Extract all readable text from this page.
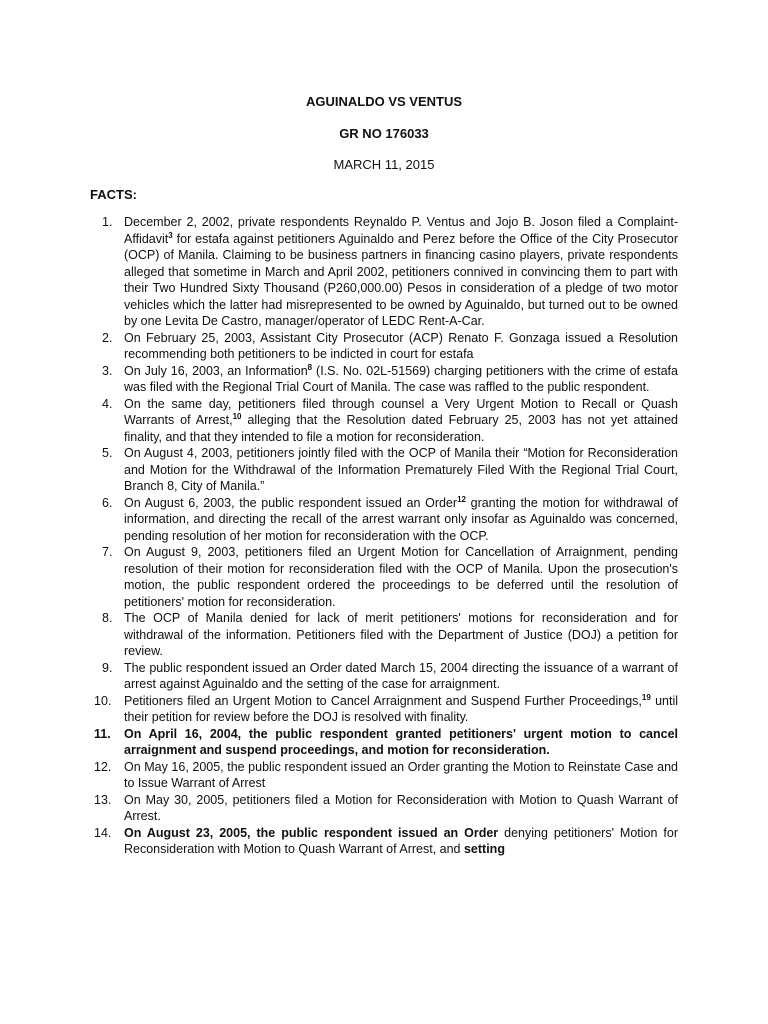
AGUINALDO VS VENTUS
GR NO 176033
MARCH 11, 2015
FACTS:
1. December 2, 2002, private respondents Reynaldo P. Ventus and Jojo B. Joson filed a Complaint-Affidavit$^3$ for estafa against petitioners Aguinaldo and Perez before the Office of the City Prosecutor (OCP) of Manila. Claiming to be business partners in financing casino players, private respondents alleged that sometime in March and April 2002, petitioners connived in convincing them to part with their Two Hundred Sixty Thousand (P260,000.00) Pesos in consideration of a pledge of two motor vehicles which the latter had misrepresented to be owned by Aguinaldo, but turned out to be owned by one Levita De Castro, manager/operator of LEDC Rent-A-Car.
2. On February 25, 2003, Assistant City Prosecutor (ACP) Renato F. Gonzaga issued a Resolution recommending both petitioners to be indicted in court for estafa
3. On July 16, 2003, an Information$^8$ (I.S. No. 02L-51569) charging petitioners with the crime of estafa was filed with the Regional Trial Court of Manila. The case was raffled to the public respondent.
4. On the same day, petitioners filed through counsel a Very Urgent Motion to Recall or Quash Warrants of Arrest,$^{10}$ alleging that the Resolution dated February 25, 2003 has not yet attained finality, and that they intended to file a motion for reconsideration.
5. On August 4, 2003, petitioners jointly filed with the OCP of Manila their “Motion for Reconsideration and Motion for the Withdrawal of the Information Prematurely Filed With the Regional Trial Court, Branch 8, City of Manila.”
6. On August 6, 2003, the public respondent issued an Order$^{12}$ granting the motion for withdrawal of information, and directing the recall of the arrest warrant only insofar as Aguinaldo was concerned, pending resolution of her motion for reconsideration with the OCP.
7. On August 9, 2003, petitioners filed an Urgent Motion for Cancellation of Arraignment, pending resolution of their motion for reconsideration filed with the OCP of Manila. Upon the prosecution's motion, the public respondent ordered the proceedings to be deferred until the resolution of petitioners' motion for reconsideration.
8. The OCP of Manila denied for lack of merit petitioners' motions for reconsideration and for withdrawal of the information. Petitioners filed with the Department of Justice (DOJ) a petition for review.
9. The public respondent issued an Order dated March 15, 2004 directing the issuance of a warrant of arrest against Aguinaldo and the setting of the case for arraignment.
10. Petitioners filed an Urgent Motion to Cancel Arraignment and Suspend Further Proceedings,$^{19}$ until their petition for review before the DOJ is resolved with finality.
11. On April 16, 2004, the public respondent granted petitioners' urgent motion to cancel arraignment and suspend proceedings, and motion for reconsideration.
12. On May 16, 2005, the public respondent issued an Order granting the Motion to Reinstate Case and to Issue Warrant of Arrest
13. On May 30, 2005, petitioners filed a Motion for Reconsideration with Motion to Quash Warrant of Arrest.
14. On August 23, 2005, the public respondent issued an Order denying petitioners' Motion for Reconsideration with Motion to Quash Warrant of Arrest, and setting
